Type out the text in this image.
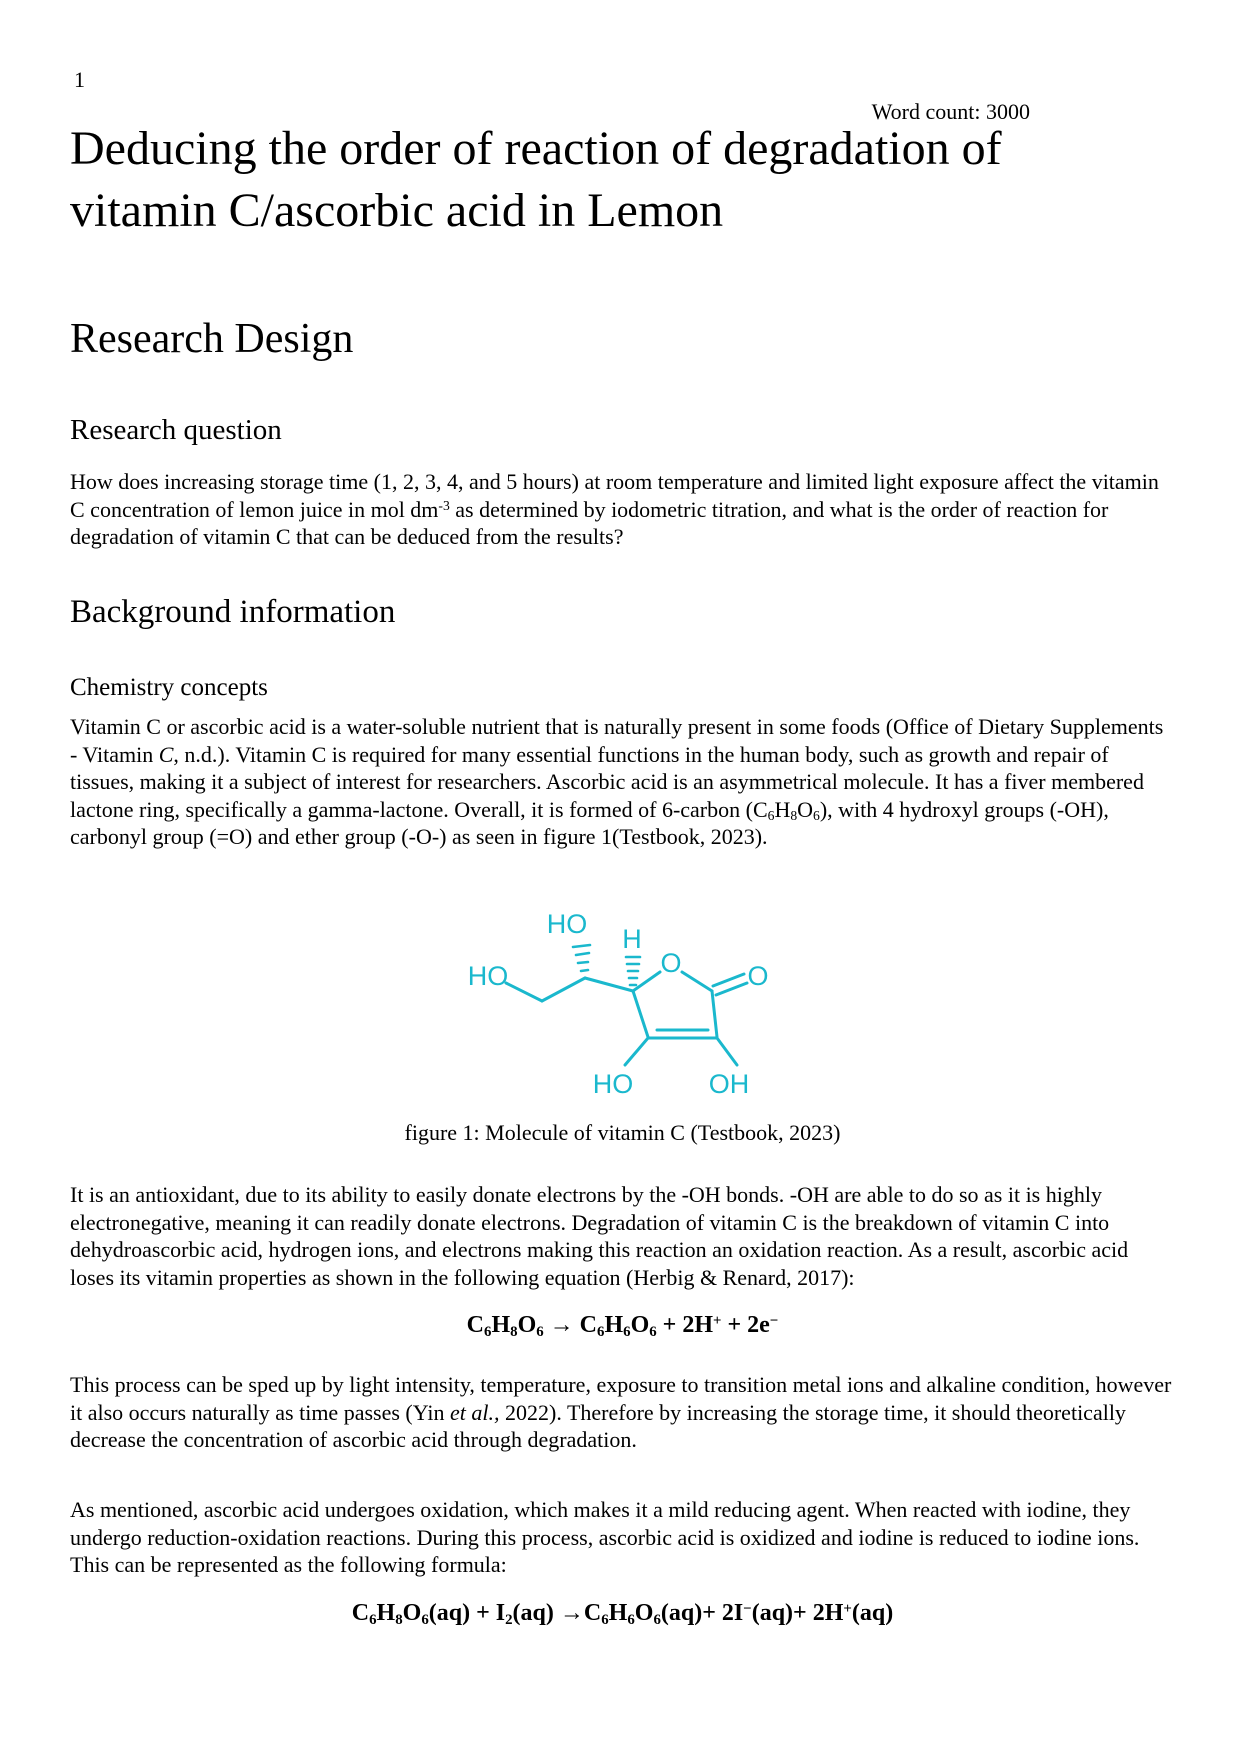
1
Word count: 3000
Deducing the order of reaction of degradation of
vitamin C/ascorbic acid in Lemon
Research Design
Research question

How does increasing storage time (1, 2, 3, 4, and 5 hours) at room temperature and limited light exposure affect the vitamin C concentration of lemon juice in mol $dm^{-3}$ as determined by iodometric titration, and what is the order of reaction for degradation of vitamin C that can be deduced from the results?

Background information
Chemistry concepts

Vitamin C or ascorbic acid is a water-soluble nutrient that is naturally present in some foods (Office of Dietary Supplements - Vitamin C, n.d.). Vitamin C is required for many essential functions in the human body, such as growth and repair of tissues, making it a subject of interest for researchers. Ascorbic acid is an asymmetrical molecule. It has a fiver membered lactone ring, specifically a gamma-lactone. Overall, it is formed of 6-carbon $(C_6H_8O_6)$, with 4 hydroxyl groups (-OH), carbonyl group (=O) and ether group (-O-) as seen in figure 1(Testbook, 2023).

HO H
O O
HO
HO	OH
figure 1: Molecule of vitamin C (Testbook, 2023)

It is an antioxidant, due to its ability to easily donate electrons by the -OH bonds. -OH are able to do so as it is highly electronegative, meaning it can readily donate electrons. Degradation of vitamin C is the breakdown of vitamin C into dehydroascorbic acid, hydrogen ions, and electrons making this reaction an oxidation reaction. As a result, ascorbic acid loses its vitamin properties as shown in the following equation (Herbig & Renard, 2017):

$C_6H_8O_6 \to C_6H_6O_6 + 2H^+ + 2e^-$

This process can be sped up by light intensity, temperature, exposure to transition metal ions and alkaline condition, however it also occurs naturally as time passes (Yin et al., 2022). Therefore by increasing the storage time, it should theoretically decrease the concentration of ascorbic acid through degradation.

As mentioned, ascorbic acid undergoes oxidation, which makes it a mild reducing agent. When reacted with iodine, they undergo reduction-oxidation reactions. During this process, ascorbic acid is oxidized and iodine is reduced to iodine ions. This can be represented as the following formula:

$C_6H_8O_6(aq) + I_2(aq) \to C_6H_6O_6(aq)+ 2I^-(aq)+ 2H^+(aq)$
